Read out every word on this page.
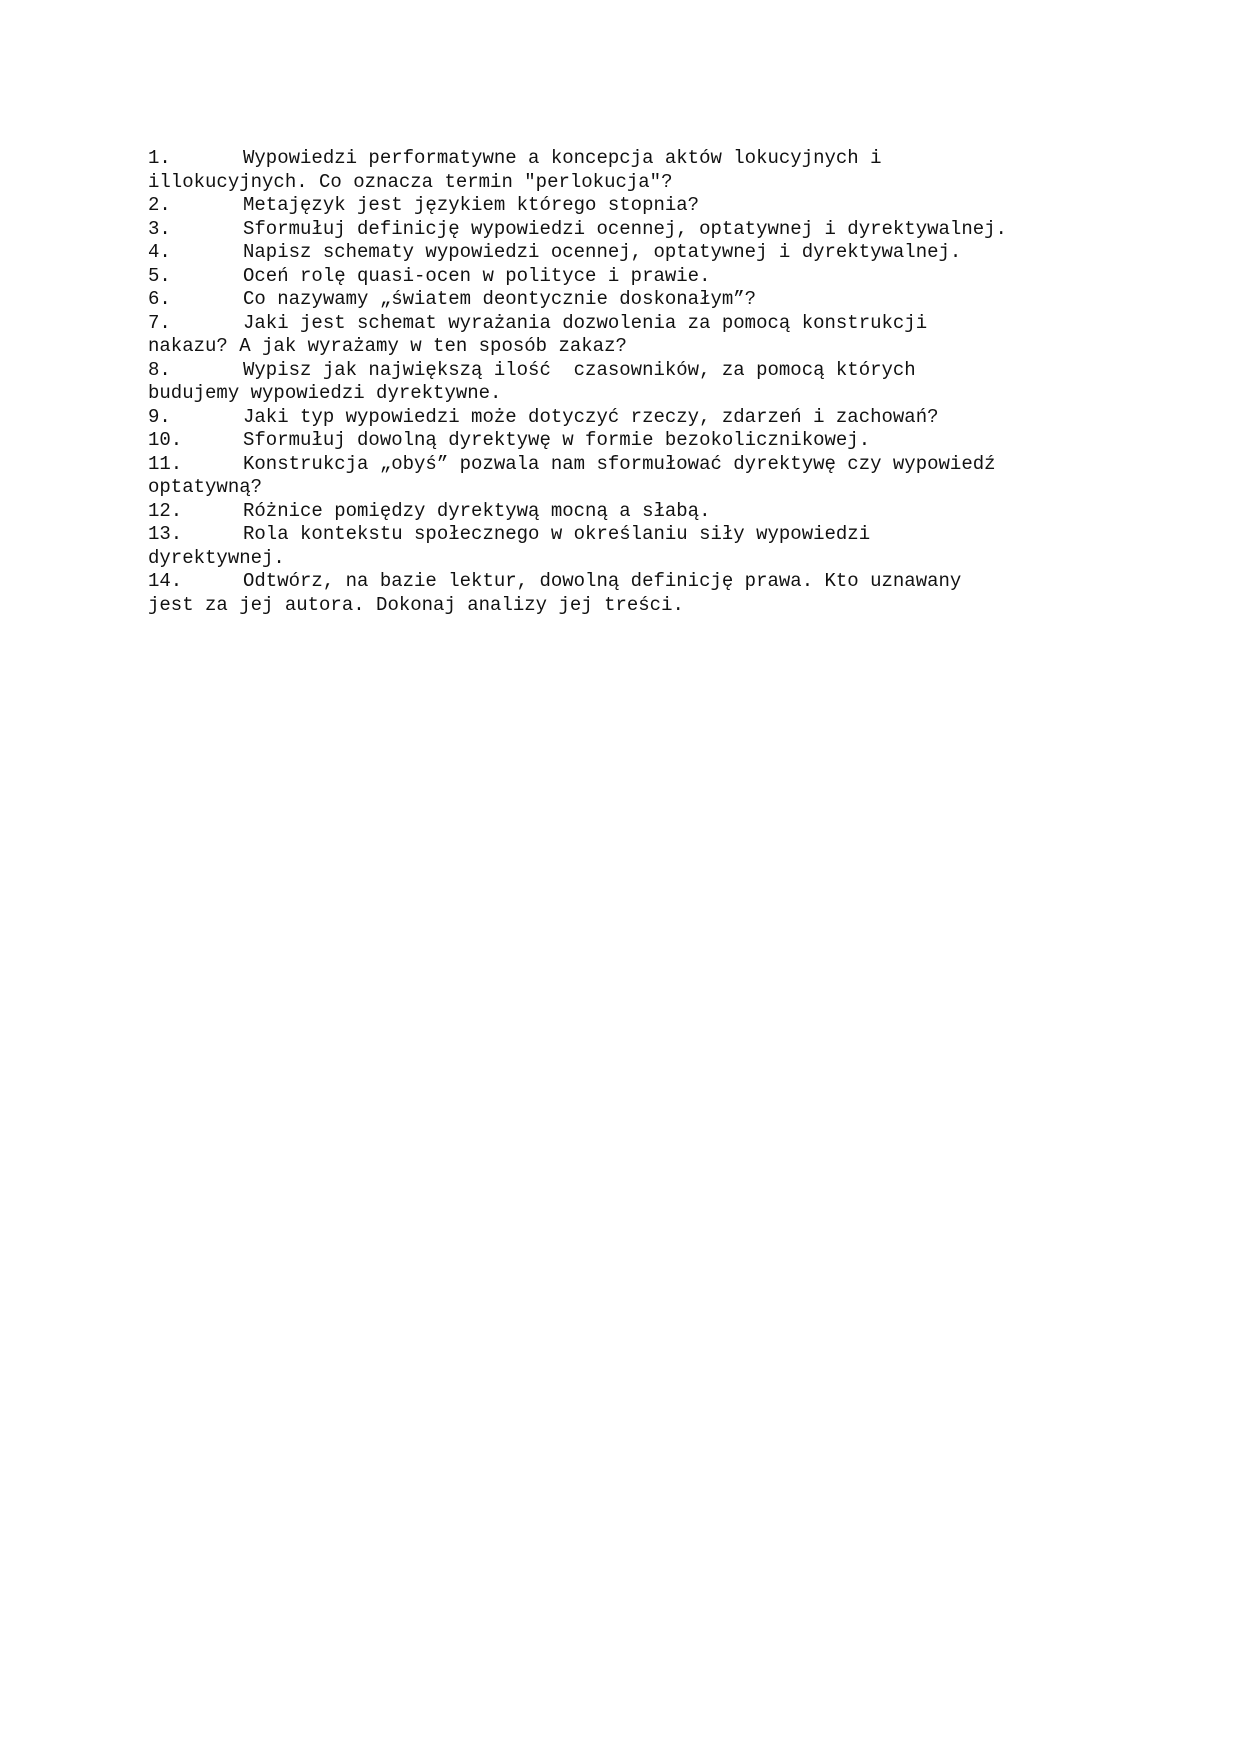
1.	Wypowiedzi performatywne a koncepcja aktów lokucyjnych i
illokucyjnych. Co oznacza termin "perlokucja"?
2.	Metajęzyk jest językiem którego stopnia?
3.	Sformułuj definicję wypowiedzi ocennej, optatywnej i dyrektywalnej.
4.	Napisz schematy wypowiedzi ocennej, optatywnej i dyrektywalnej.
5.	Oceń rolę quasi-ocen w polityce i prawie.
6.	Co nazywamy „światem deontycznie doskonałym”?
7.	Jaki jest schemat wyrażania dozwolenia za pomocą konstrukcji
nakazu? A jak wyrażamy w ten sposób zakaz?
8.	Wypisz jak największą ilość  czasowników, za pomocą których
budujemy wypowiedzi dyrektywne.
9.	Jaki typ wypowiedzi może dotyczyć rzeczy, zdarzeń i zachowań?
10.	Sformułuj dowolną dyrektywę w formie bezokolicznikowej.
11.	Konstrukcja „obyś” pozwala nam sformułować dyrektywę czy wypowiedź
optatywną?
12.	Różnice pomiędzy dyrektywą mocną a słabą.
13.	Rola kontekstu społecznego w określaniu siły wypowiedzi
dyrektywnej.
14.	Odtwórz, na bazie lektur, dowolną definicję prawa. Kto uznawany
jest za jej autora. Dokonaj analizy jej treści.
